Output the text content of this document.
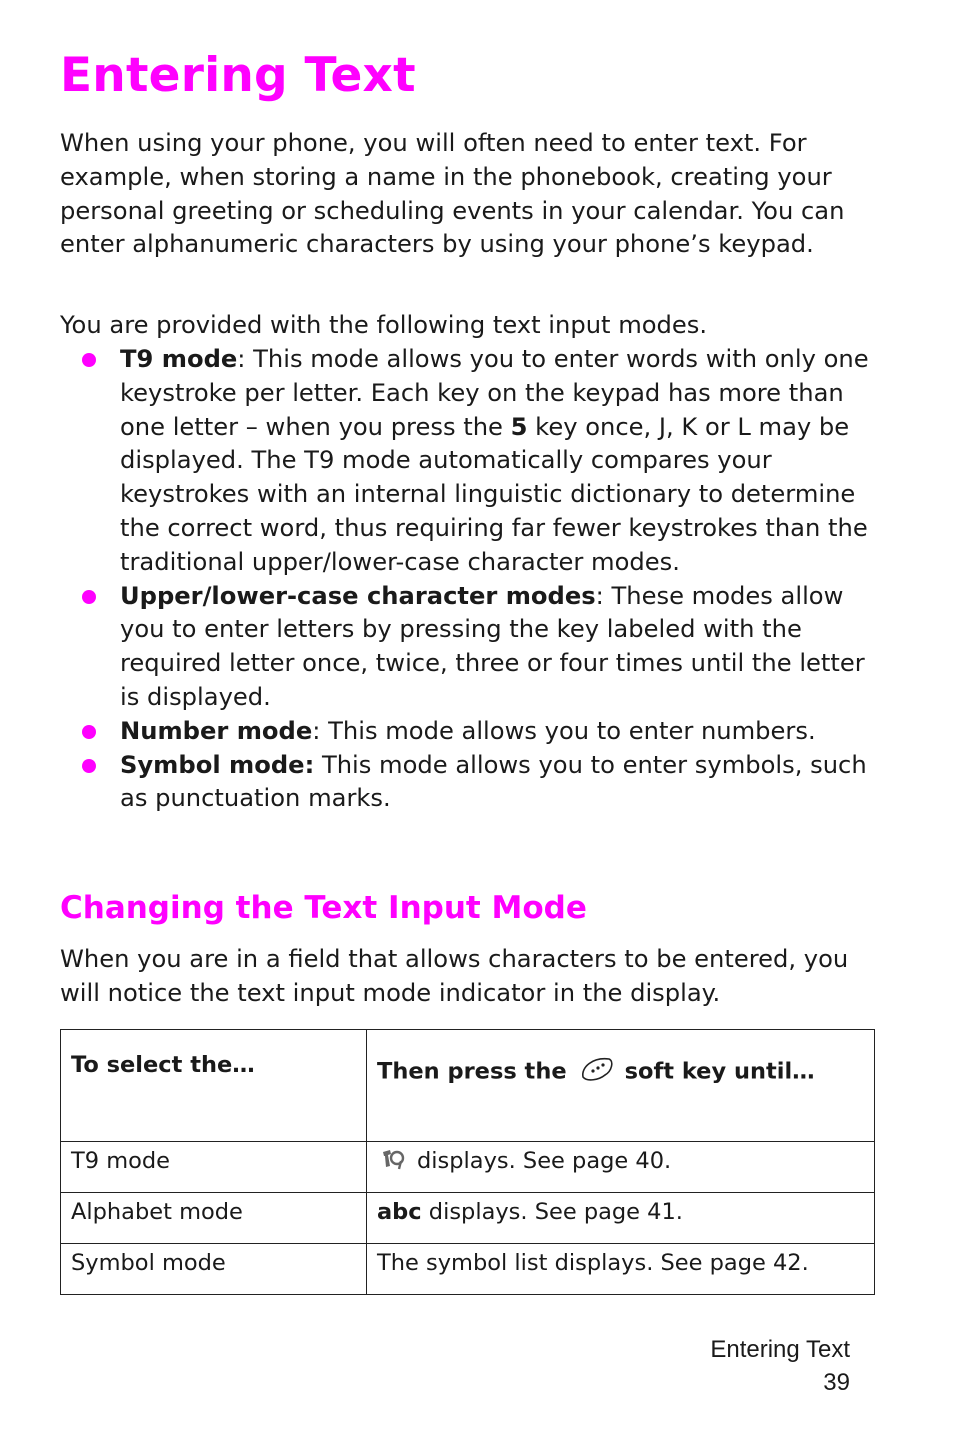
Entering Text

When using your phone, you will often need to enter text. For example, when storing a name in the phonebook, creating your personal greeting or scheduling events in your calendar. You can enter alphanumeric characters by using your phone’s keypad.

You are provided with the following text input modes.

T9 mode: This mode allows you to enter words with only one keystroke per letter. Each key on the keypad has more than one letter – when you press the 5 key once, J, K or L may be displayed. The T9 mode automatically compares your keystrokes with an internal linguistic dictionary to determine the correct word, thus requiring far fewer keystrokes than the traditional upper/lower-case character modes.
Upper/lower-case character modes: These modes allow you to enter letters by pressing the key labeled with the required letter once, twice, three or four times until the letter is displayed.
Number mode: This mode allows you to enter numbers.
Symbol mode: This mode allows you to enter symbols, such as punctuation marks.
Changing the Text Input Mode

When you are in a field that allows characters to be entered, you will notice the text input mode indicator in the display.

To select the…	Then press the soft key until…
T9 mode	displays. See page 40.
Alphabet mode	abc displays. See page 41.
Symbol mode	The symbol list displays. See page 42.
Entering Text
39
